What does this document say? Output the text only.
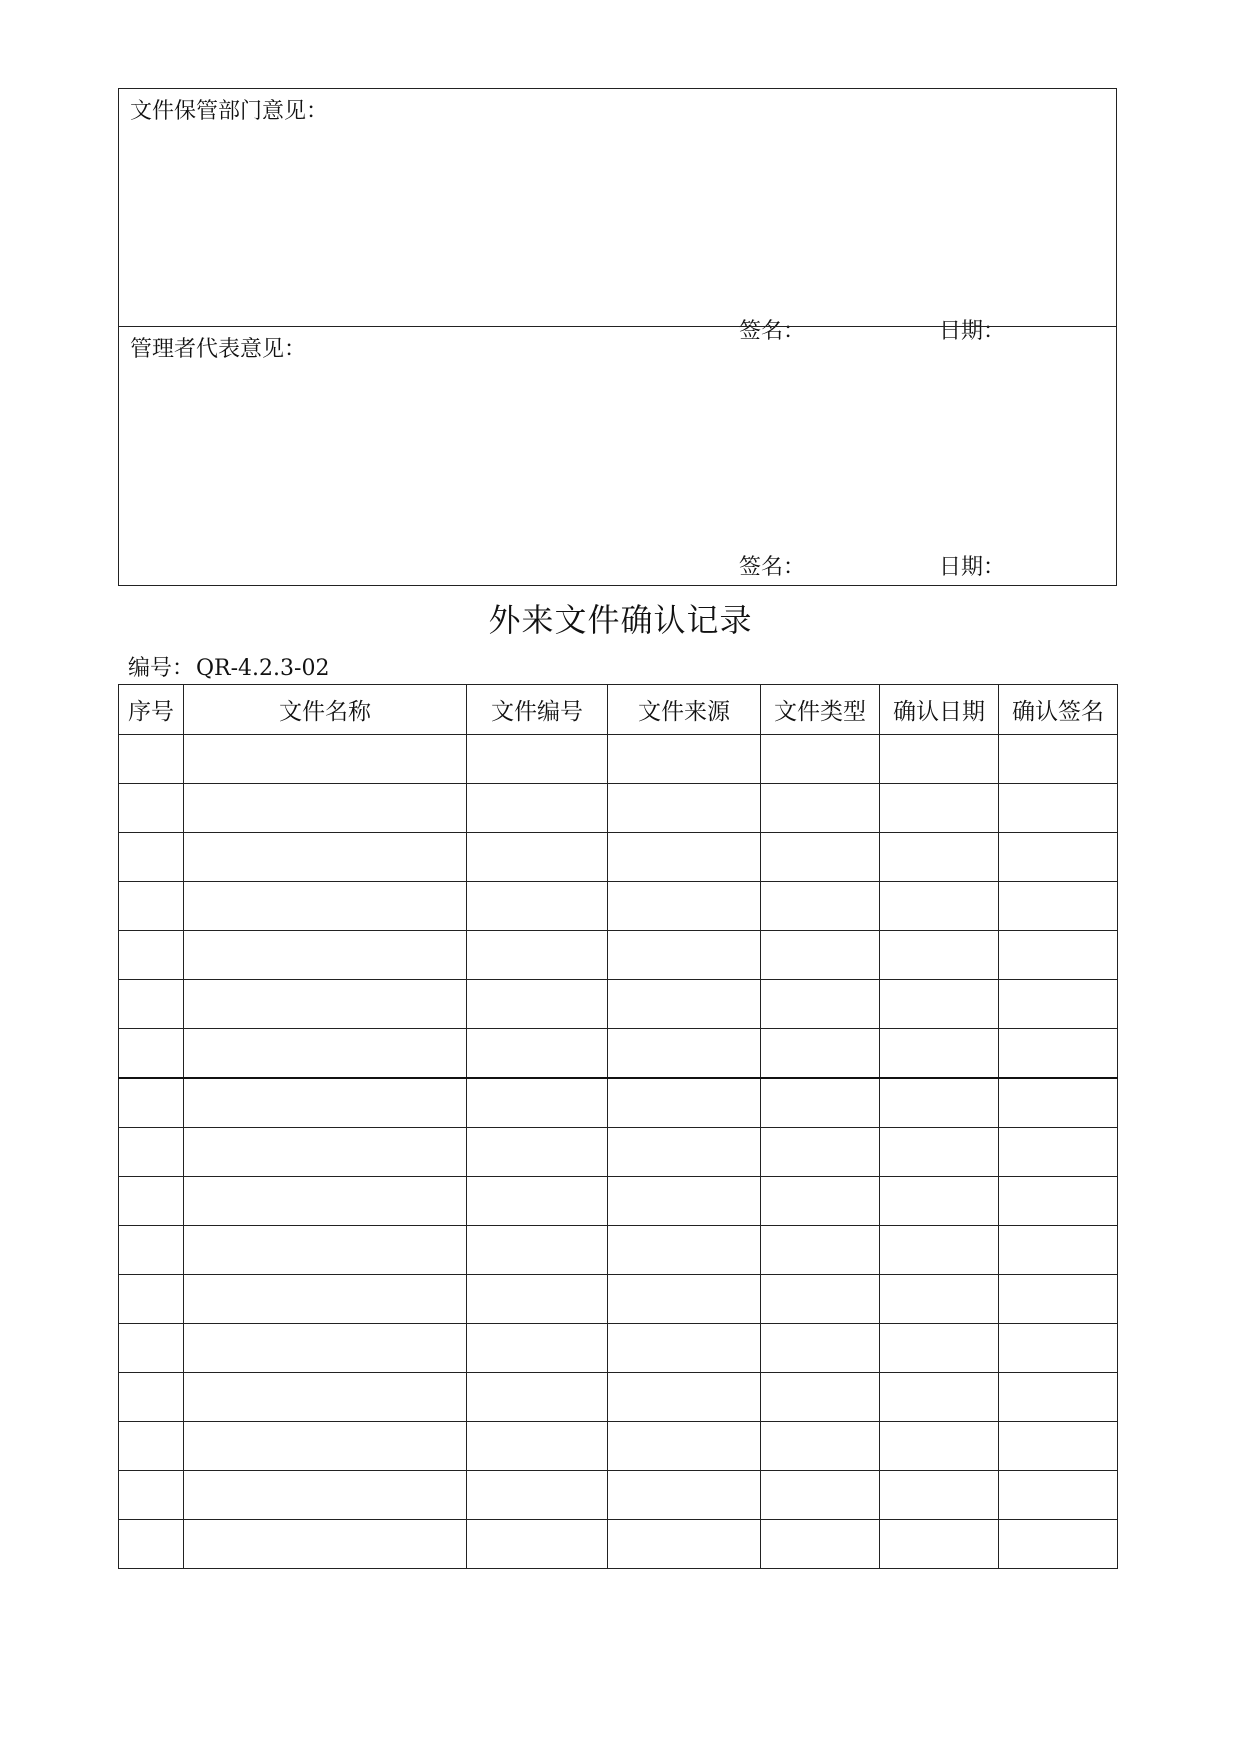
文件保管部门意见：
签名：	日期：
管理者代表意见：
签名：	日期：
外来文件确认记录
编号：QR-4.2.3-02
序号	文件名称	文件编号	文件来源	文件类型	确认日期	确认签名
